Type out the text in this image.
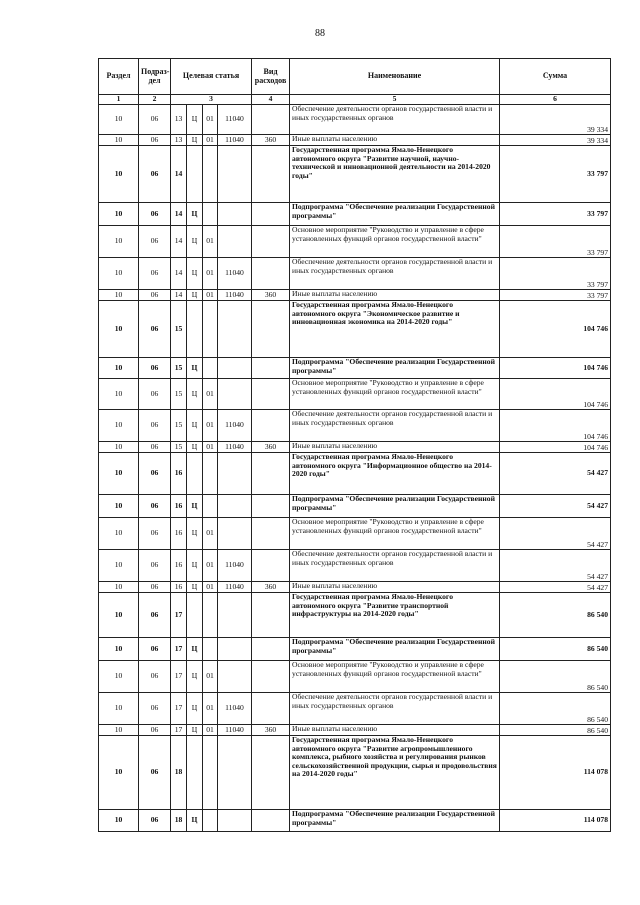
88
Раздел	Подраз-дел	Целевая статья				Вид расходов	Наименование	Сумма
1	2	3				4	5	6
10	06	13	Ц	01	11040		Обеспечение деятельности органов государственной власти и иных государственных органов	39 334
10	06	13	Ц	01	11040	360	Иные выплаты населению	39 334
10	06	14					Государственная программа Ямало-Ненецкого автономного округа "Развитие научной, научно-технической и инновационной деятельности на 2014-2020 годы"	33 797
10	06	14	Ц				Подпрограмма "Обеспечение реализации Государственной программы"	33 797
10	06	14	Ц	01			Основное мероприятие "Руководство и управление в сфере установленных функций органов государственной власти"	33 797
10	06	14	Ц	01	11040		Обеспечение деятельности органов государственной власти и иных государственных органов	33 797
10	06	14	Ц	01	11040	360	Иные выплаты населению	33 797
10	06	15					Государственная программа Ямало-Ненецкого автономного округа "Экономическое развитие и инновационная экономика на 2014-2020 годы"	104 746
10	06	15	Ц				Подпрограмма "Обеспечение реализации Государственной программы"	104 746
10	06	15	Ц	01			Основное мероприятие "Руководство и управление в сфере установленных функций органов государственной власти"	104 746
10	06	15	Ц	01	11040		Обеспечение деятельности органов государственной власти и иных государственных органов	104 746
10	06	15	Ц	01	11040	360	Иные выплаты населению	104 746
10	06	16					Государственная программа Ямало-Ненецкого автономного округа "Информационное общество на 2014-2020 годы"	54 427
10	06	16	Ц				Подпрограмма "Обеспечение реализации Государственной программы"	54 427
10	06	16	Ц	01			Основное мероприятие "Руководство и управление в сфере установленных функций органов государственной власти"	54 427
10	06	16	Ц	01	11040		Обеспечение деятельности органов государственной власти и иных государственных органов	54 427
10	06	16	Ц	01	11040	360	Иные выплаты населению	54 427
10	06	17					Государственная программа Ямало-Ненецкого автономного округа "Развитие транспортной инфраструктуры на 2014-2020 годы"	86 540
10	06	17	Ц				Подпрограмма "Обеспечение реализации Государственной программы"	86 540
10	06	17	Ц	01			Основное мероприятие "Руководство и управление в сфере установленных функций органов государственной власти"	86 540
10	06	17	Ц	01	11040		Обеспечение деятельности органов государственной власти и иных государственных органов	86 540
10	06	17	Ц	01	11040	360	Иные выплаты населению	86 540
10	06	18					Государственная программа Ямало-Ненецкого автономного округа "Развитие агропромышленного комплекса, рыбного хозяйства и регулирования рынков сельскохозяйственной продукции, сырья и продовольствия на 2014-2020 годы"	114 078
10	06	18	Ц				Подпрограмма "Обеспечение реализации Государственной программы"	114 078
